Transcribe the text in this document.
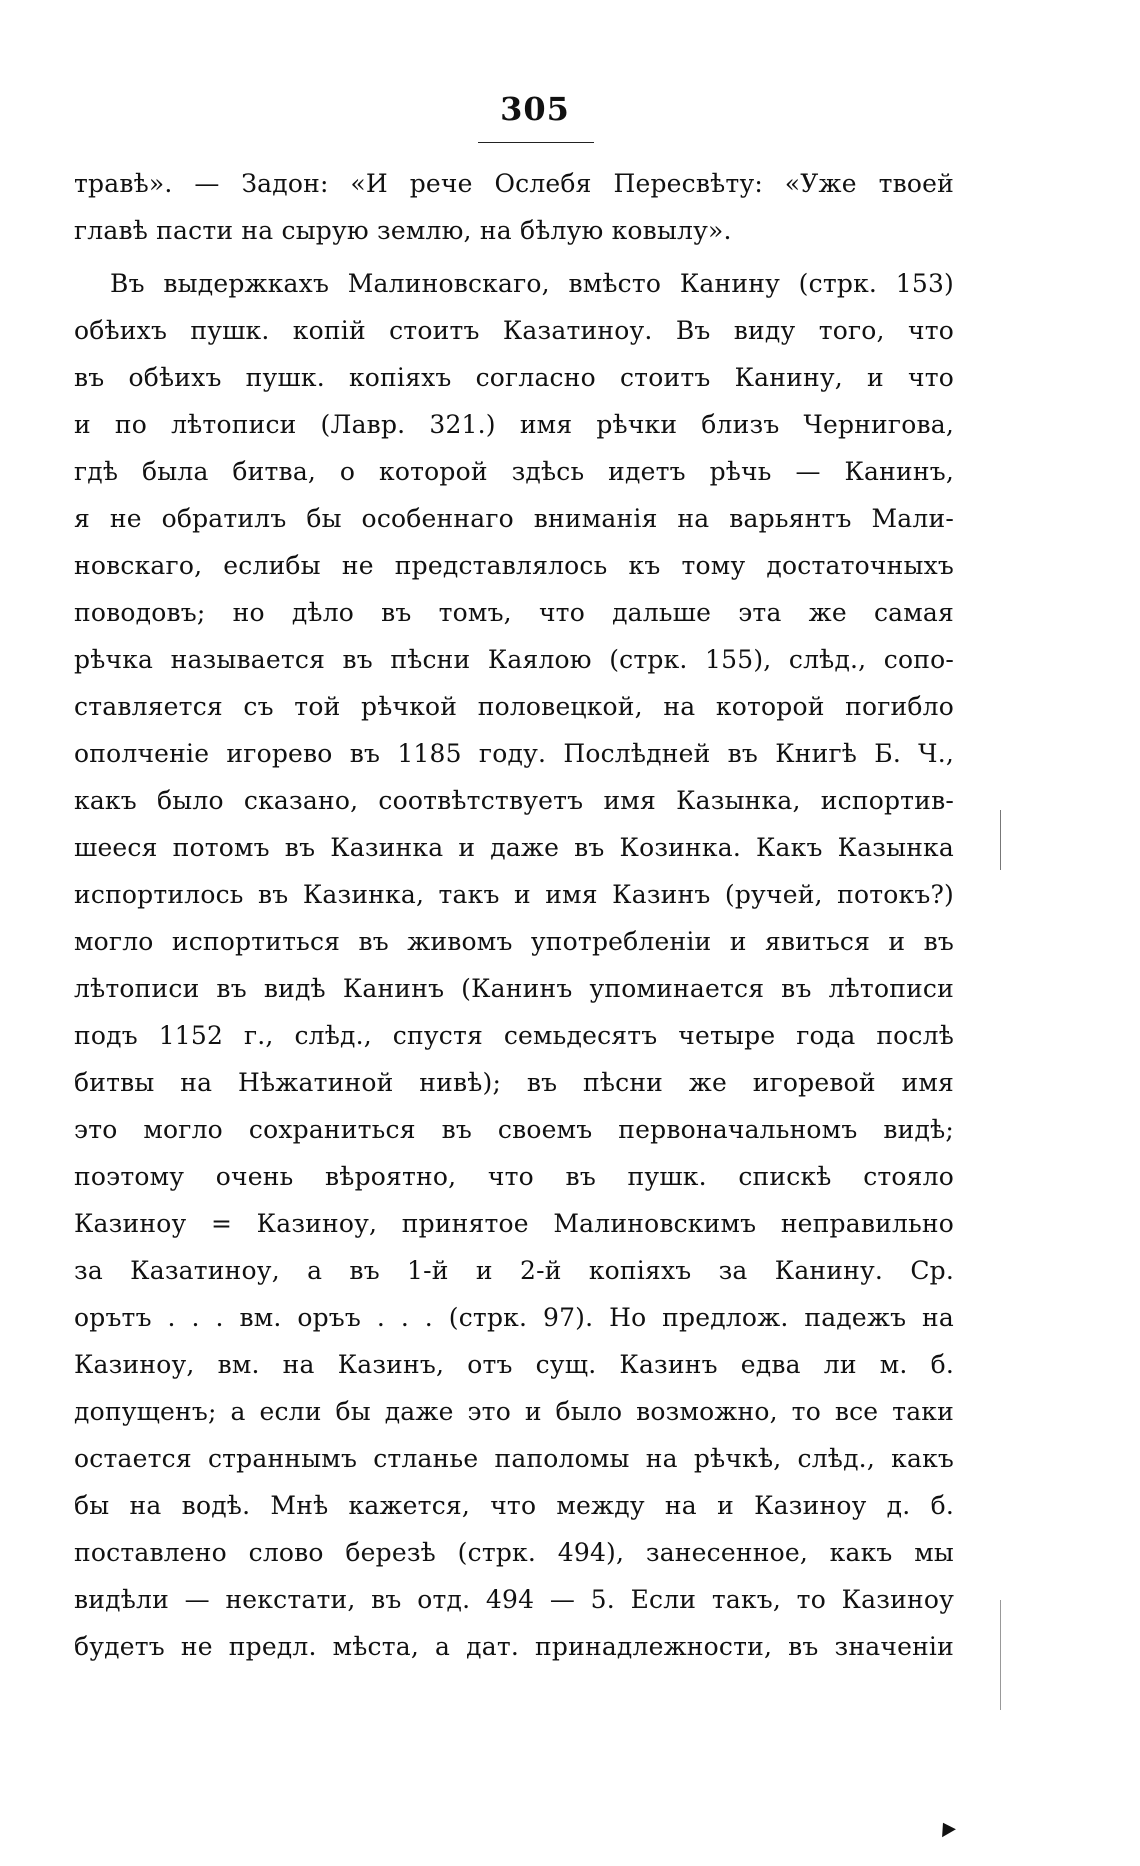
305
травѣ». — Задон: «И рече Ослебя Пересвѣту: «Уже твоей
главѣ пасти на сырую землю, на бѣлую ковылу».
Въ выдержкахъ Малиновскаго, вмѣсто Канину (стрк. 153)
обѣихъ пушк. копій стоитъ Казатиноу. Въ виду того, что
въ обѣихъ пушк. копіяхъ согласно стоитъ Канину, и что
и по лѣтописи (Лавр. 321.) имя рѣчки близъ Чернигова,
гдѣ была битва, о которой здѣсь идетъ рѣчь — Канинъ,
я не обратилъ бы особеннаго вниманія на варьянтъ Мали-
новскаго, еслибы не представлялось къ тому достаточныхъ
поводовъ; но дѣло въ томъ, что дальше эта же самая
рѣчка называется въ пѣсни Каялою (стрк. 155), слѣд., сопо-
ставляется съ той рѣчкой половецкой, на которой погибло
ополченіе игорево въ 1185 году. Послѣдней въ Книгѣ Б. Ч.,
какъ было сказано, соотвѣтствуетъ имя Казынка, испортив-
шееся потомъ въ Казинка и даже въ Козинка. Какъ Казынка
испортилось въ Казинка, такъ и имя Казинъ (ручей, потокъ?)
могло испортиться въ живомъ употребленіи и явиться и въ
лѣтописи въ видѣ Канинъ (Канинъ упоминается въ лѣтописи
подъ 1152 г., слѣд., спустя семьдесятъ четыре года послѣ
битвы на Нѣжатиной нивѣ); въ пѣсни же игоревой имя
это могло сохраниться въ своемъ первоначальномъ видѣ;
поэтому очень вѣроятно, что въ пушк. спискѣ стояло
Казиноу = Казиноу, принятое Малиновскимъ неправильно
за Казатиноу, а въ 1-й и 2-й копіяхъ за Канину. Ср.
орътъ . . . вм. оръъ . . . (стрк. 97). Но предлож. падежъ на
Казиноу, вм. на Казинъ, отъ сущ. Казинъ едва ли м. б.
допущенъ; а если бы даже это и было возможно, то все таки
остается страннымъ стланье паполомы на рѣчкѣ, слѣд., какъ
бы на водѣ. Мнѣ кажется, что между на и Казиноу д. б.
поставлено слово березѣ (стрк. 494), занесенное, какъ мы
видѣли — некстати, въ отд. 494 — 5. Если такъ, то Казиноу
будетъ не предл. мѣста, а дат. принадлежности, въ значеніи
